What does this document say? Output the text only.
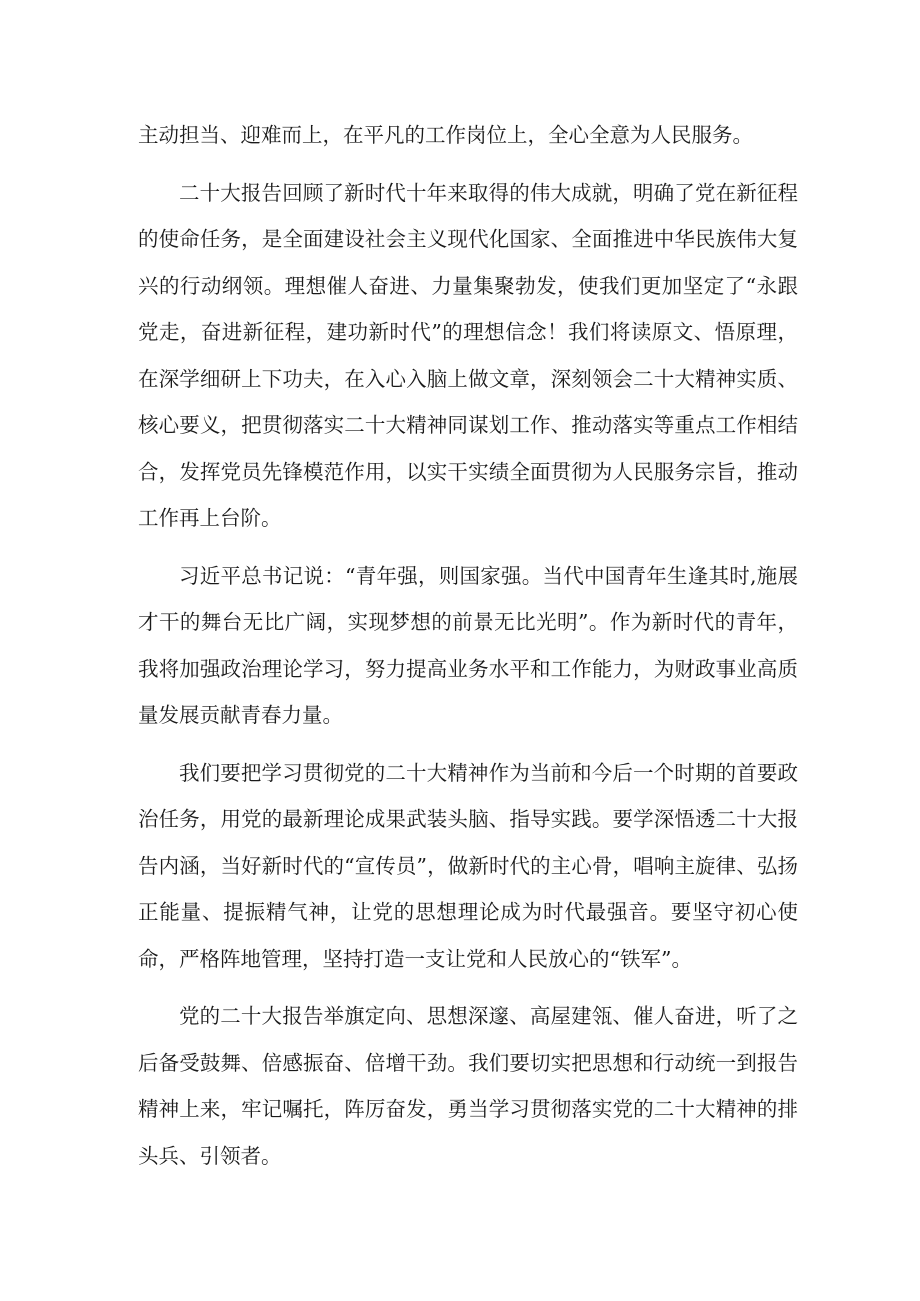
主动担当、迎难而上，在平凡的工作岗位上，全心全意为人民服务。

二十大报告回顾了新时代十年来取得的伟大成就，明确了党在新征程的使命任务，是全面建设社会主义现代化国家、全面推进中华民族伟大复兴的行动纲领。理想催人奋进、力量集聚勃发，使我们更加坚定了“永跟党走，奋进新征程，建功新时代”的理想信念！我们将读原文、悟原理，在深学细研上下功夫，在入心入脑上做文章，深刻领会二十大精神实质、核心要义，把贯彻落实二十大精神同谋划工作、推动落实等重点工作相结合，发挥党员先锋模范作用，以实干实绩全面贯彻为人民服务宗旨，推动工作再上台阶。

习近平总书记说：“青年强，则国家强。当代中国青年生逢其时,施展才干的舞台无比广阔，实现梦想的前景无比光明”。作为新时代的青年，我将加强政治理论学习，努力提高业务水平和工作能力，为财政事业高质量发展贡献青春力量。

我们要把学习贯彻党的二十大精神作为当前和今后一个时期的首要政治任务，用党的最新理论成果武装头脑、指导实践。要学深悟透二十大报告内涵，当好新时代的“宣传员”，做新时代的主心骨，唱响主旋律、弘扬正能量、提振精气神，让党的思想理论成为时代最强音。要坚守初心使命，严格阵地管理，坚持打造一支让党和人民放心的“铁军”。

党的二十大报告举旗定向、思想深邃、高屋建瓴、催人奋进，听了之后备受鼓舞、倍感振奋、倍增干劲。我们要切实把思想和行动统一到报告精神上来，牢记嘱托，阵厉奋发，勇当学习贯彻落实党的二十大精神的排头兵、引领者。
